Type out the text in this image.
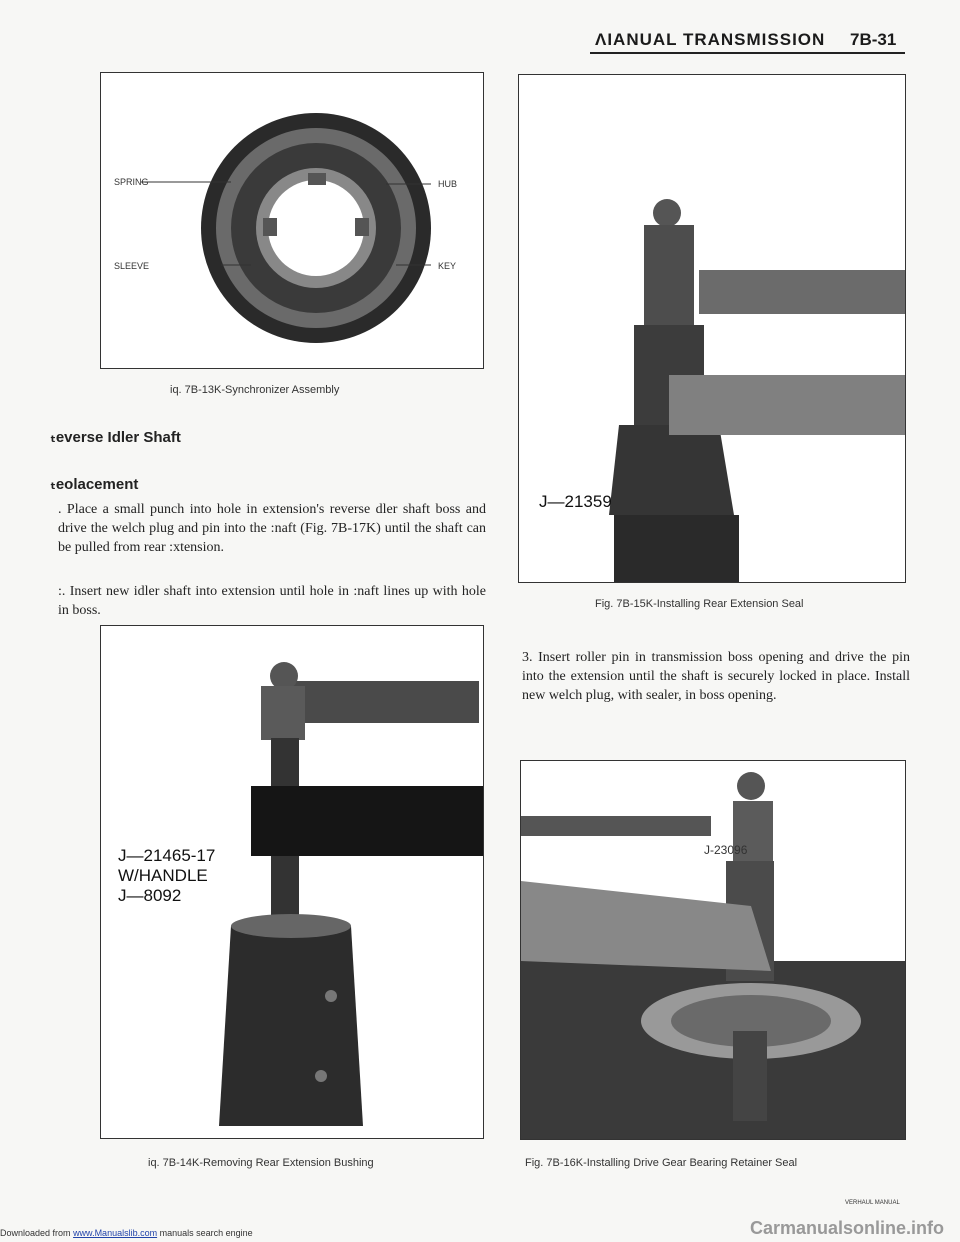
ΛΙΑΝUAL TRANSMISSION 7B-31
SPRING	HUB
SLEEVE	KEY
iq. 7B-13K-Synchronizer Assembly
ₜeverse Idler Shaft
ₜeolacement
. Place a small punch into hole in extension's reverse dler shaft boss and drive the welch plug and pin into the :naft (Fig. 7B-17K) until the shaft can be pulled from rear :xtension.
:. Insert new idler shaft into extension until hole in :naft lines up with hole in boss.
J—21465-17
W/HANDLE
J—8092
iq. 7B-14K-Removing Rear Extension Bushing
J—21359
Fig. 7B-15K-Installing Rear Extension Seal
3. Insert roller pin in transmission boss opening and drive the pin into the extension until the shaft is securely locked in place. Install new welch plug, with sealer, in boss opening.
J-23096
Fig. 7B-16K-Installing Drive Gear Bearing Retainer Seal
VERHAUL MANUAL
Carmanualsonline.info
Downloaded from www.Manualslib.com manuals search engine
